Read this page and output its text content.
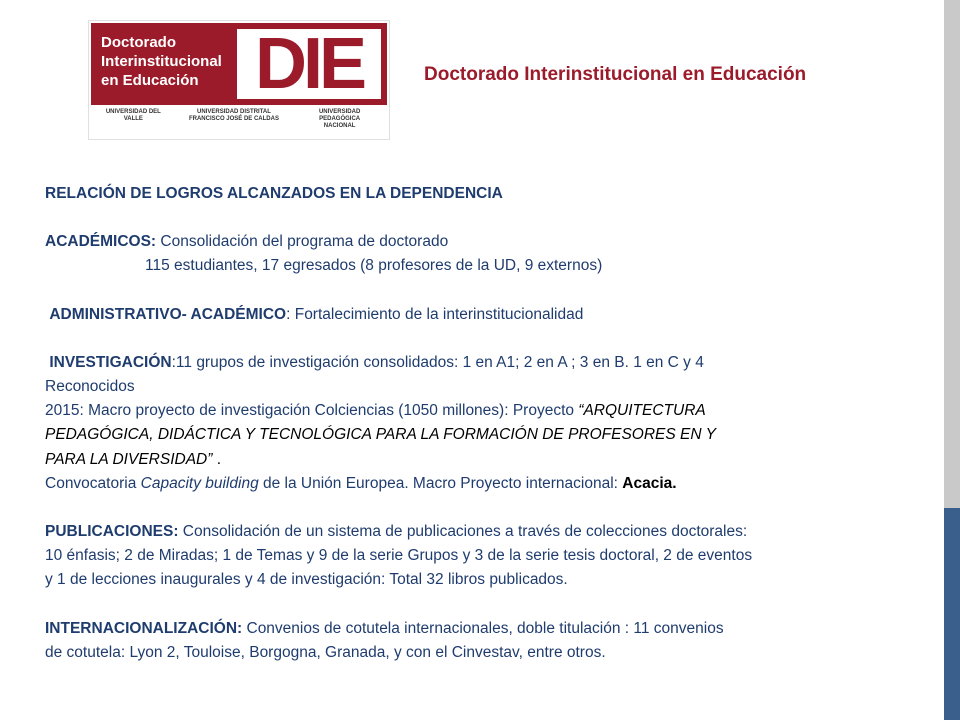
Doctorado
Interinstitucional
en Educación DIE
UNIVERSIDAD DEL VALLE
UNIVERSIDAD DISTRITAL FRANCISCO JOSÉ DE CALDAS
UNIVERSIDAD PEDAGÓGICA NACIONAL
Doctorado Interinstitucional en Educación
RELACIÓN DE LOGROS ALCANZADOS EN LA DEPENDENCIA
ACADÉMICOS: Consolidación del programa de doctorado
115 estudiantes, 17 egresados (8 profesores de la UD, 9 externos)
ADMINISTRATIVO- ACADÉMICO: Fortalecimiento de la interinstitucionalidad
INVESTIGACIÓN:11 grupos de investigación consolidados: 1 en A1; 2 en A ; 3 en B. 1 en C y 4
Reconocidos
2015: Macro proyecto de investigación Colciencias (1050 millones): Proyecto “ARQUITECTURA
PEDAGÓGICA, DIDÁCTICA Y TECNOLÓGICA PARA LA FORMACIÓN DE PROFESORES EN Y
PARA LA DIVERSIDAD” .
Convocatoria Capacity building de la Unión Europea. Macro Proyecto internacional: Acacia.
PUBLICACIONES: Consolidación de un sistema de publicaciones a través de colecciones doctorales:
10 énfasis; 2 de Miradas; 1 de Temas y 9 de la serie Grupos y 3 de la serie tesis doctoral, 2 de eventos
y 1 de lecciones inaugurales y 4 de investigación: Total 32 libros publicados.
INTERNACIONALIZACIÓN: Convenios de cotutela internacionales, doble titulación : 11 convenios
de cotutela: Lyon 2, Touloise, Borgogna, Granada, y con el Cinvestav, entre otros.
